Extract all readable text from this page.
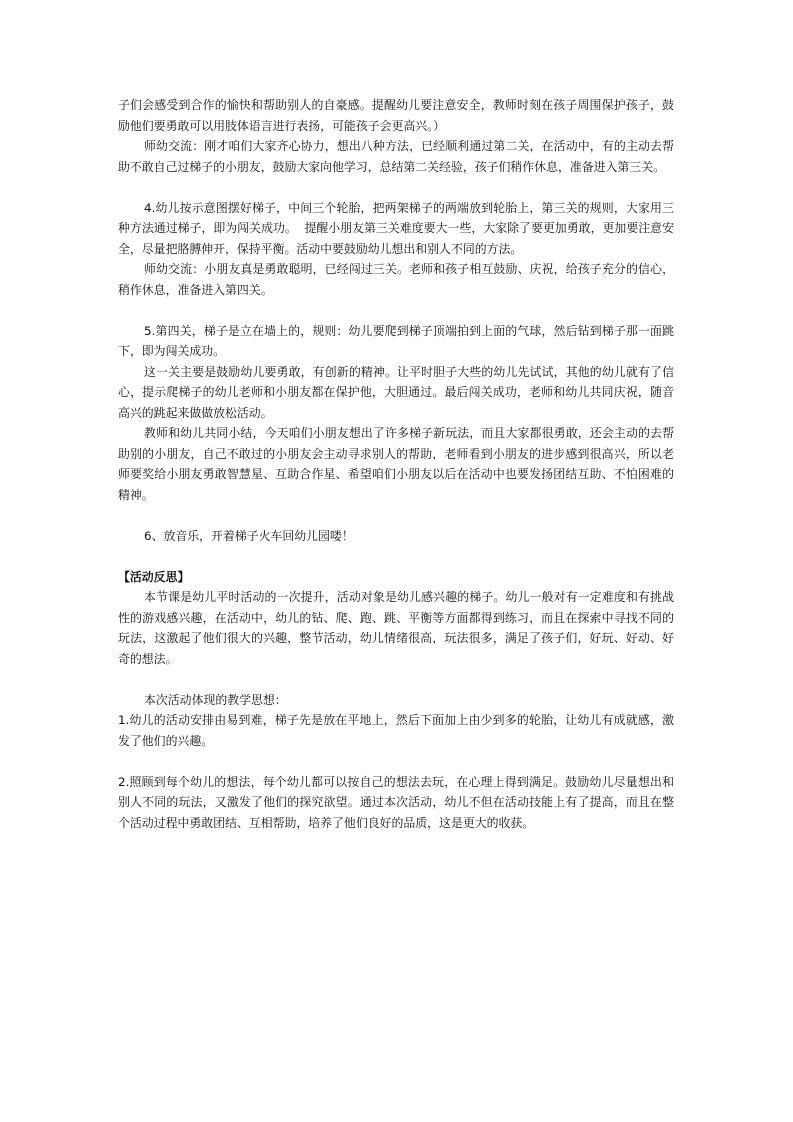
子们会感受到合作的愉快和帮助别人的自豪感。提醒幼儿要注意安全，教师时刻在孩子周围保护孩子，鼓
励他们要勇敢可以用肢体语言进行表扬，可能孩子会更高兴。）
师幼交流：刚才咱们大家齐心协力，想出八种方法，已经顺利通过第二关，在活动中，有的主动去帮
助不敢自己过梯子的小朋友，鼓励大家向他学习，总结第二关经验，孩子们稍作休息，准备进入第三关。
4.幼儿按示意图摆好梯子，中间三个轮胎，把两架梯子的两端放到轮胎上，第三关的规则，大家用三
种方法通过梯子，即为闯关成功。  提醒小朋友第三关难度要大一些，大家除了要更加勇敢，更加要注意安
全，尽量把胳膊伸开，保持平衡。活动中要鼓励幼儿想出和别人不同的方法。
师幼交流：小朋友真是勇敢聪明，已经闯过三关。老师和孩子相互鼓励、庆祝，给孩子充分的信心，
稍作休息，准备进入第四关。
5.第四关，梯子是立在墙上的，规则：幼儿要爬到梯子顶端拍到上面的气球，然后钻到梯子那一面跳
下，即为闯关成功。
这一关主要是鼓励幼儿要勇敢，有创新的精神。让平时胆子大些的幼儿先试试，其他的幼儿就有了信
心，提示爬梯子的幼儿老师和小朋友都在保护他，大胆通过。最后闯关成功，老师和幼儿共同庆祝，随音
高兴的跳起来做做放松活动。
教师和幼儿共同小结，今天咱们小朋友想出了许多梯子新玩法，而且大家都很勇敢，还会主动的去帮
助别的小朋友，自己不敢过的小朋友会主动寻求别人的帮助，老师看到小朋友的进步感到很高兴，所以老
师要奖给小朋友勇敢智慧星、互助合作星、希望咱们小朋友以后在活动中也要发扬团结互助、不怕困难的
精神。
6、放音乐，开着梯子火车回幼儿园喽！
【活动反思】
本节课是幼儿平时活动的一次提升，活动对象是幼儿感兴趣的梯子。幼儿一般对有一定难度和有挑战
性的游戏感兴趣，在活动中，幼儿的钻、爬、跑、跳、平衡等方面都得到练习，而且在探索中寻找不同的
玩法，这激起了他们很大的兴趣，整节活动，幼儿情绪很高，玩法很多，满足了孩子们，好玩、好动、好
奇的想法。
本次活动体现的教学思想：
1.幼儿的活动安排由易到难，梯子先是放在平地上，然后下面加上由少到多的轮胎，让幼儿有成就感，激
发了他们的兴趣。
2.照顾到每个幼儿的想法，每个幼儿都可以按自己的想法去玩，在心理上得到满足。鼓励幼儿尽量想出和
别人不同的玩法，又激发了他们的探究欲望。通过本次活动，幼儿不但在活动技能上有了提高，而且在整
个活动过程中勇敢团结、互相帮助，培养了他们良好的品质，这是更大的收获。
